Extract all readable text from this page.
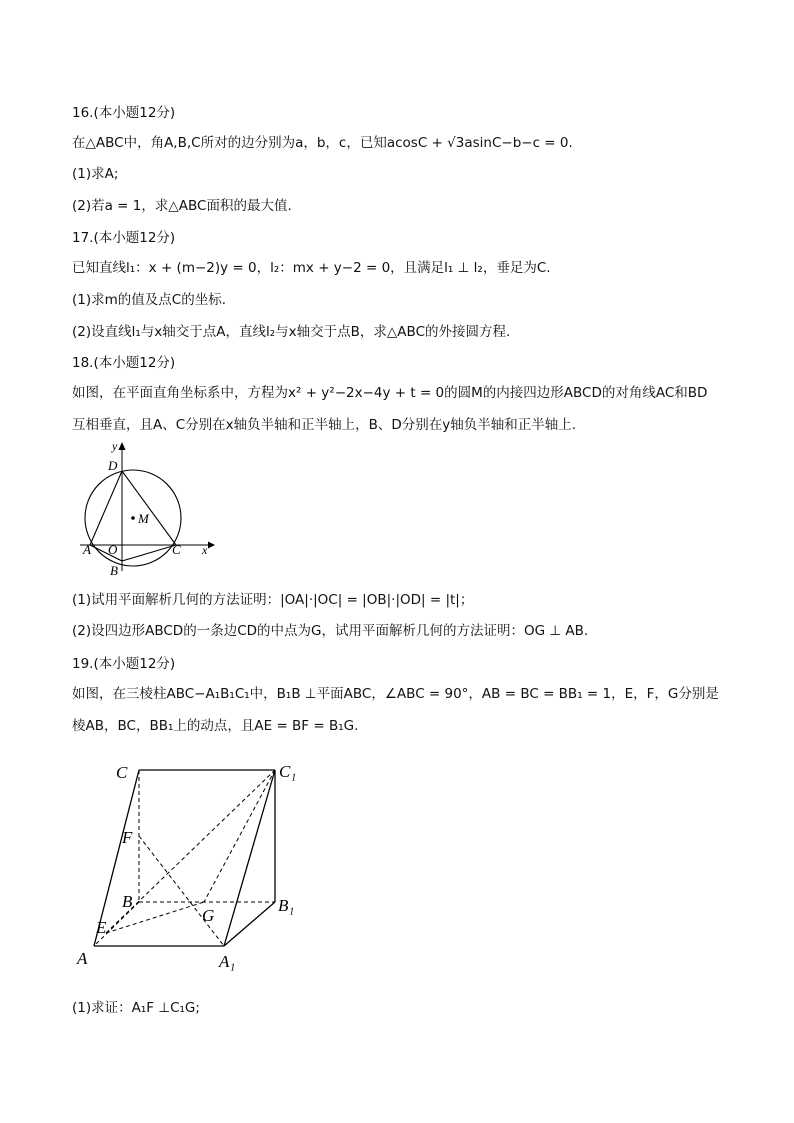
16.(本小题12分)
在△ABC中，角A,B,C所对的边分别为a，b，c，已知acosC + √3asinC−b−c = 0.
(1)求A;
(2)若a = 1，求△ABC面积的最大值.
17.(本小题12分)
已知直线l₁：x + (m−2)y = 0，l₂：mx + y−2 = 0，且满足l₁ ⊥ l₂，垂足为C.
(1)求m的值及点C的坐标.
(2)设直线l₁与x轴交于点A，直线l₂与x轴交于点B，求△ABC的外接圆方程.
18.(本小题12分)
如图，在平面直角坐标系中，方程为x² + y²−2x−4y + t = 0的圆M的内接四边形ABCD的对角线AC和BD
互相垂直，且A、C分别在x轴负半轴和正半轴上，B、D分别在y轴负半轴和正半轴上.
y
x
D
M
A O	C
B
(1)试用平面解析几何的方法证明：|OA|·|OC| = |OB|·|OD| = |t|；
(2)设四边形ABCD的一条边CD的中点为G，试用平面解析几何的方法证明：OG ⊥ AB.
19.(本小题12分)
如图，在三棱柱ABC−A₁B₁C₁中，B₁B ⊥平面ABC，∠ABC = 90°，AB = BC = BB₁ = 1，E，F，G分别是
棱AB，BC，BB₁上的动点，且AE = BF = B₁G.
C	C₁
F
B
G
B₁
E
A	A₁
(1)求证：A₁F ⊥C₁G;
